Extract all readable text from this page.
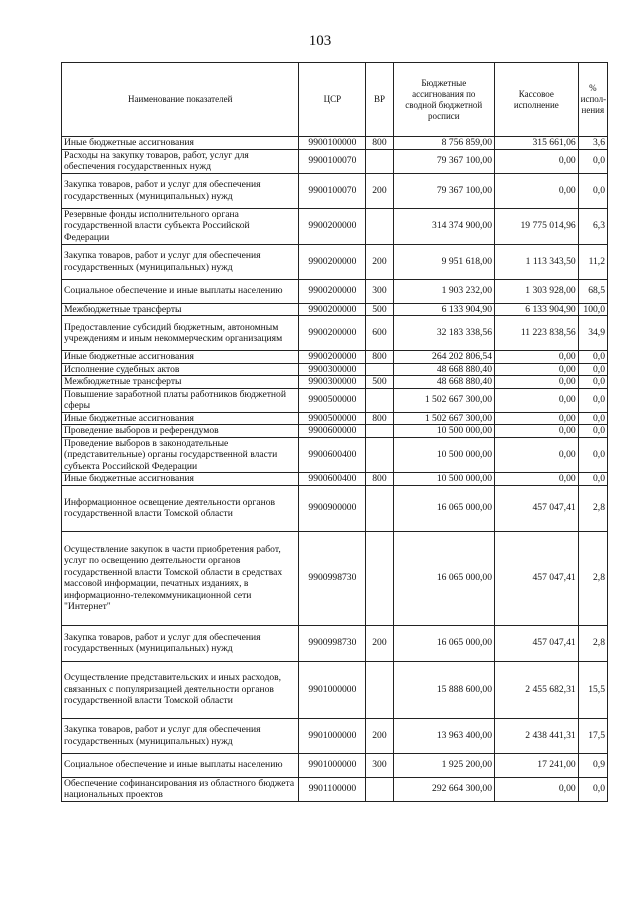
103
Наименование показателей	ЦСР	ВР	Бюджетные ассигнования по сводной бюджетной росписи	Кассовое исполнение	% испол- нения
Иные бюджетные ассигнования	9900100000	800	8 756 859,00	315 661,06	3,6
Расходы на закупку товаров, работ, услуг для обеспечения государственных нужд	9900100070		79 367 100,00	0,00	0,0
Закупка товаров, работ и услуг для обеспечения государственных (муниципальных) нужд	9900100070	200	79 367 100,00	0,00	0,0
Резервные фонды исполнительного органа государственной власти субъекта Российской Федерации	9900200000		314 374 900,00	19 775 014,96	6,3
Закупка товаров, работ и услуг для обеспечения государственных (муниципальных) нужд	9900200000	200	9 951 618,00	1 113 343,50	11,2
Социальное обеспечение и иные выплаты населению	9900200000	300	1 903 232,00	1 303 928,00	68,5
Межбюджетные трансферты	9900200000	500	6 133 904,90	6 133 904,90	100,0
Предоставление субсидий бюджетным, автономным учреждениям и иным некоммерческим организациям	9900200000	600	32 183 338,56	11 223 838,56	34,9
Иные бюджетные ассигнования	9900200000	800	264 202 806,54	0,00	0,0
Исполнение судебных актов	9900300000		48 668 880,40	0,00	0,0
Межбюджетные трансферты	9900300000	500	48 668 880,40	0,00	0,0
Повышение заработной платы работников бюджетной сферы	9900500000		1 502 667 300,00	0,00	0,0
Иные бюджетные ассигнования	9900500000	800	1 502 667 300,00	0,00	0,0
Проведение выборов и референдумов	9900600000		10 500 000,00	0,00	0,0
Проведение выборов в законодательные (представительные) органы государственной власти субъекта Российской Федерации	9900600400		10 500 000,00	0,00	0,0
Иные бюджетные ассигнования	9900600400	800	10 500 000,00	0,00	0,0
Информационное освещение деятельности органов государственной власти Томской области	9900900000		16 065 000,00	457 047,41	2,8
Осуществление закупок в части приобретения работ, услуг по освещению деятельности органов государственной власти Томской области в средствах массовой информации, печатных изданиях, в информационно-телекоммуникационной сети "Интернет"	9900998730		16 065 000,00	457 047,41	2,8
Закупка товаров, работ и услуг для обеспечения государственных (муниципальных) нужд	9900998730	200	16 065 000,00	457 047,41	2,8
Осуществление представительских и иных расходов, связанных с популяризацией деятельности органов государственной власти Томской области	9901000000		15 888 600,00	2 455 682,31	15,5
Закупка товаров, работ и услуг для обеспечения государственных (муниципальных) нужд	9901000000	200	13 963 400,00	2 438 441,31	17,5
Социальное обеспечение и иные выплаты населению	9901000000	300	1 925 200,00	17 241,00	0,9
Обеспечение софинансирования из областного бюджета национальных проектов	9901100000		292 664 300,00	0,00	0,0
